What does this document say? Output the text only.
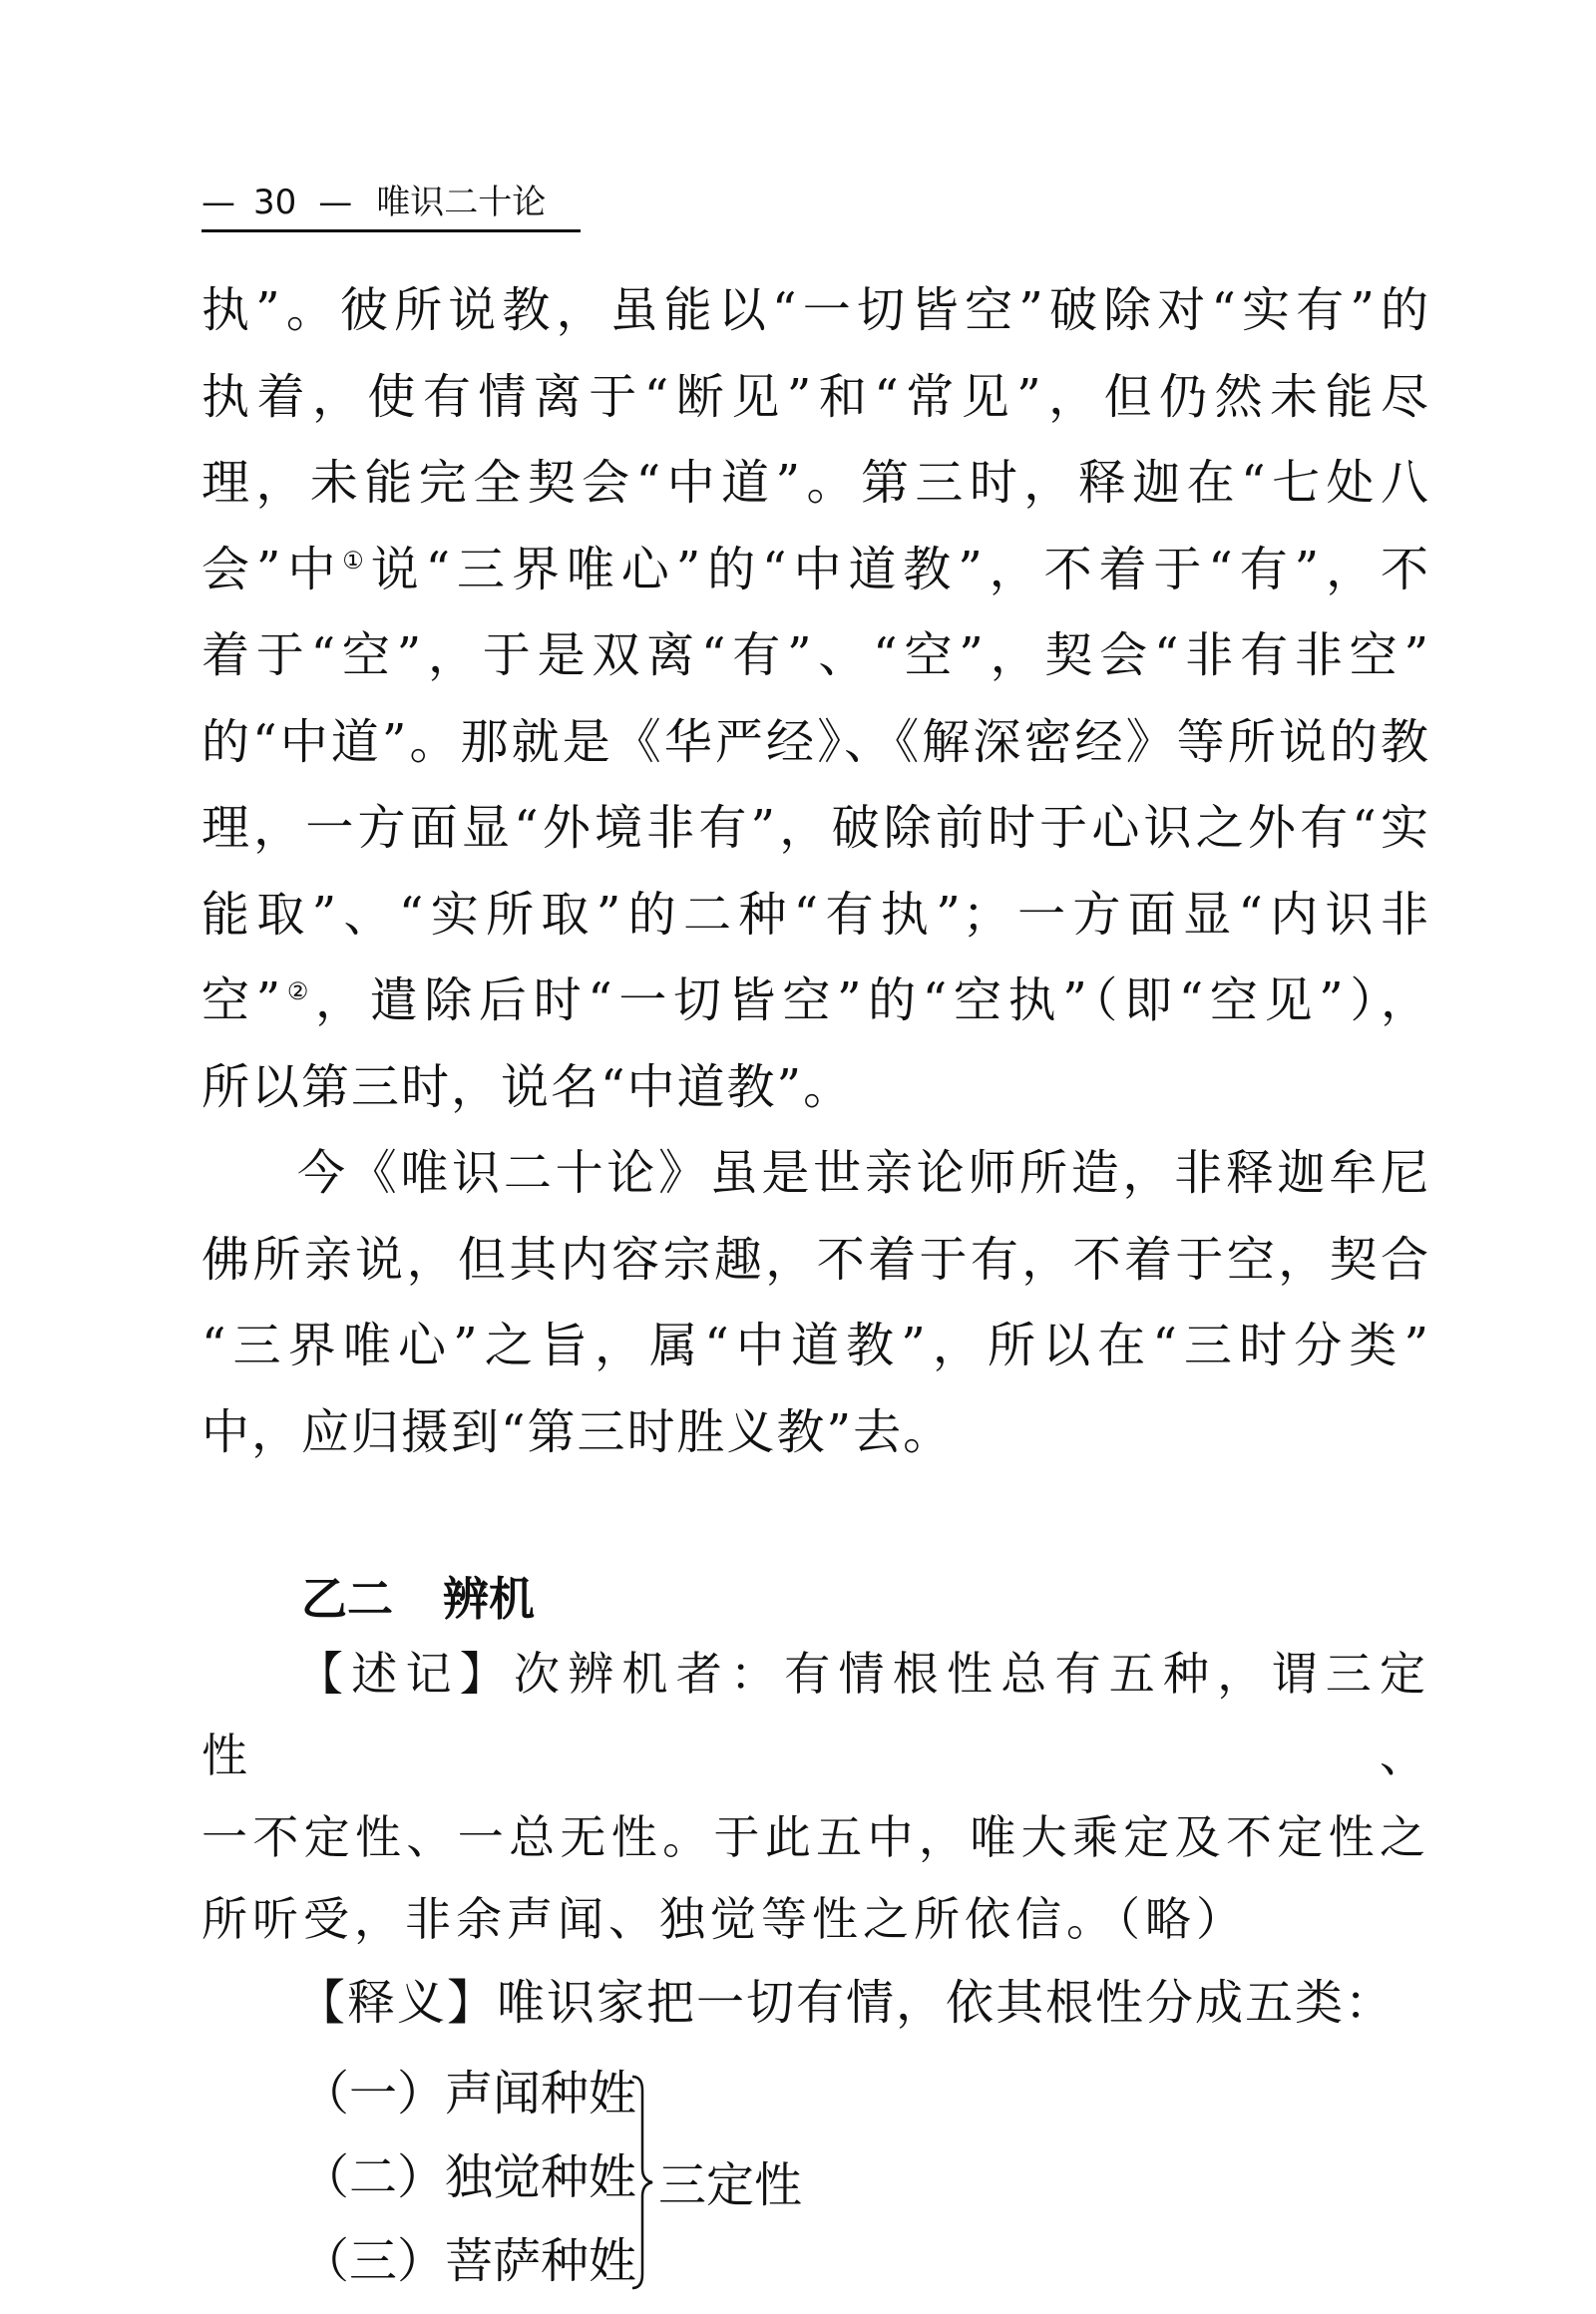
— 30 — 唯识二十论

执”。彼所说教，虽能以“一切皆空”破除对“实有”的

执着，使有情离于“断见”和“常见”，但仍然未能尽

理，未能完全契会“中道”。第三时，释迦在“七处八

会”中①说“三界唯心”的“中道教”，不着于“有”，不

着于“空”，于是双离“有”、“空”，契会“非有非空”

的“中道”。那就是《华严经》、《解深密经》等所说的教

理，一方面显“外境非有”，破除前时于心识之外有“实

能取”、“实所取”的二种“有执”；一方面显“内识非

空”②，遣除后时“一切皆空”的“空执”（即“空见”），

所以第三时，说名“中道教”。

今《唯识二十论》虽是世亲论师所造，非释迦牟尼

佛所亲说，但其内容宗趣，不着于有，不着于空，契合

“三界唯心”之旨，属“中道教”，所以在“三时分类”

中，应归摄到“第三时胜义教”去。

乙二 辨机

【述记】次辨机者：有情根性总有五种，谓三定性、

一不定性、一总无性。于此五中，唯大乘定及不定性之

所听受，非余声闻、独觉等性之所依信。（略）

【释义】唯识家把一切有情，依其根性分成五类：

（一）声闻种姓
（二）独觉种姓
（三）菩萨种姓
三定性
